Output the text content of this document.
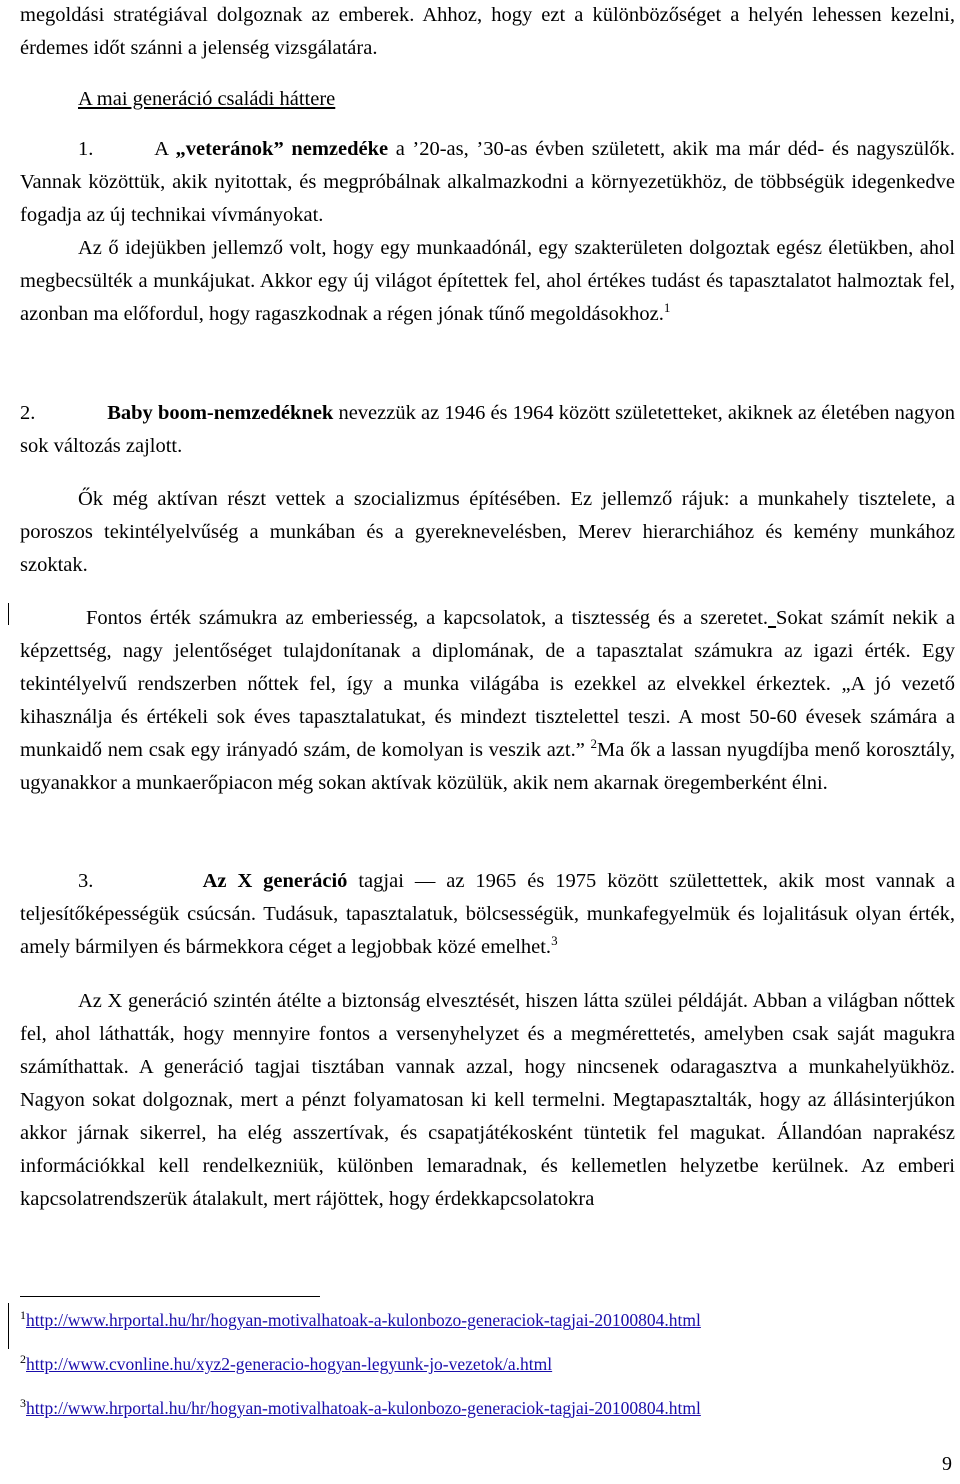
megoldási stratégiával dolgoznak az emberek. Ahhoz, hogy ezt a különbözőséget a helyén lehessen kezelni, érdemes időt szánni a jelenség vizsgálatára.

A mai generáció családi háttere

1.	A „veteránok” nemzedéke a ’20-as, ’30-as évben született, akik ma már déd- és nagyszülők. Vannak közöttük, akik nyitottak, és megpróbálnak alkalmazkodni a környezetükhöz, de többségük idegenkedve fogadja az új technikai vívmányokat.

Az ő idejükben jellemző volt, hogy egy munkaadónál, egy szakterületen dolgoztak egész életükben, ahol megbecsülték a munkájukat. Akkor egy új világot építettek fel, ahol értékes tudást és tapasztalatot halmoztak fel, azonban ma előfordul, hogy ragaszkodnak a régen jónak tűnő megoldásokhoz.$^1$

2.	Baby boom-nemzedéknek nevezzük az 1946 és 1964 között születetteket, akiknek az életében nagyon sok változás zajlott.

Ők még aktívan részt vettek a szocializmus építésében. Ez jellemző rájuk: a munkahely tisztelete, a poroszos tekintélyelvűség a munkában és a gyereknevelésben, Merev hierarchiához és kemény munkához szoktak.

Fontos érték számukra az emberiesség, a kapcsolatok, a tisztesség és a szeretet. Sokat számít nekik a képzettség, nagy jelentőséget tulajdonítanak a diplomának, de a tapasztalat számukra az igazi érték. Egy tekintélyelvű rendszerben nőttek fel, így a munka világába is ezekkel az elvekkel érkeztek. „A jó vezető kihasználja és értékeli sok éves tapasztalatukat, és mindezt tisztelettel teszi. A most 50-60 évesek számára a munkaidő nem csak egy irányadó szám, de komolyan is veszik azt.” $^2$Ma ők a lassan nyugdíjba menő korosztály, ugyanakkor a munkaerőpiacon még sokan aktívak közülük, akik nem akarnak öregemberként élni.

3.	Az X generáció tagjai — az 1965 és 1975 között születtettek, akik most vannak a teljesítőképességük csúcsán. Tudásuk, tapasztalatuk, bölcsességük, munkafegyelmük és lojalitásuk olyan érték, amely bármilyen és bármekkora céget a legjobbak közé emelhet.$^3$

Az X generáció szintén átélte a biztonság elvesztését, hiszen látta szülei példáját. Abban a világban nőttek fel, ahol láthatták, hogy mennyire fontos a versenyhelyzet és a megmérettetés, amelyben csak saját magukra számíthattak. A generáció tagjai tisztában vannak azzal, hogy nincsenek odaragasztva a munkahelyükhöz. Nagyon sokat dolgoznak, mert a pénzt folyamatosan ki kell termelni. Megtapasztalták, hogy az állásinterjúkon akkor járnak sikerrel, ha elég asszertívak, és csapatjátékosként tüntetik fel magukat. Állandóan naprakész információkkal kell rendelkezniük, különben lemaradnak, és kellemetlen helyzetbe kerülnek. Az emberi kapcsolatrendszerük átalakult, mert rájöttek, hogy érdekkapcsolatokra

$^1$http://www.hrportal.hu/hr/hogyan-motivalhatoak-a-kulonbozo-generaciok-tagjai-20100804.html
$^2$http://www.cvonline.hu/xyz2-generacio-hogyan-legyunk-jo-vezetok/a.html
$^3$http://www.hrportal.hu/hr/hogyan-motivalhatoak-a-kulonbozo-generaciok-tagjai-20100804.html
9
